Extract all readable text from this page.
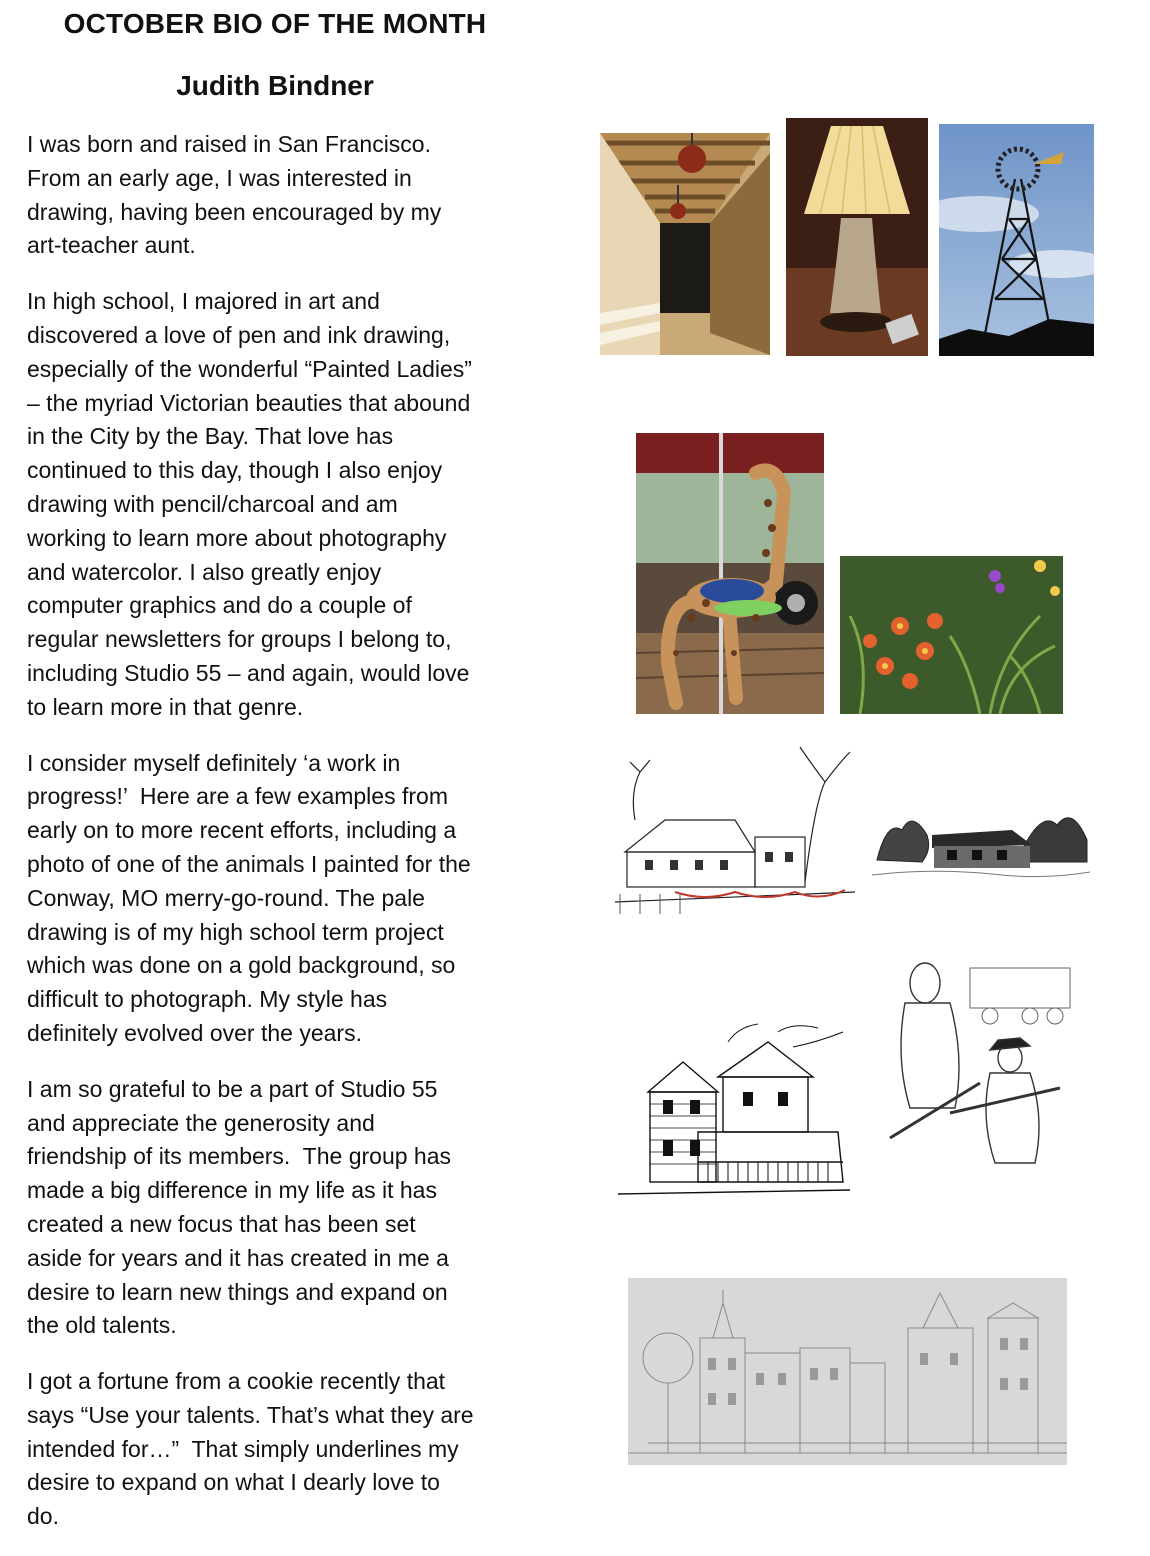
OCTOBER BIO OF THE MONTH
Judith Bindner

I was born and raised in San Francisco.
From an early age, I was interested in
drawing, having been encouraged by my
art-teacher aunt.

In high school, I majored in art and
discovered a love of pen and ink drawing,
especially of the wonderful “Painted Ladies”
– the myriad Victorian beauties that abound
in the City by the Bay. That love has
continued to this day, though I also enjoy
drawing with pencil/charcoal and am
working to learn more about photography
and watercolor. I also greatly enjoy
computer graphics and do a couple of
regular newsletters for groups I belong to,
including Studio 55 – and again, would love
to learn more in that genre.

I consider myself definitely ‘a work in
progress!’  Here are a few examples from
early on to more recent efforts, including a
photo of one of the animals I painted for the
Conway, MO merry-go-round. The pale
drawing is of my high school term project
which was done on a gold background, so
difficult to photograph. My style has
definitely evolved over the years.

I am so grateful to be a part of Studio 55
and appreciate the generosity and
friendship of its members.  The group has
made a big difference in my life as it has
created a new focus that has been set
aside for years and it has created in me a
desire to learn new things and expand on
the old talents.

I got a fortune from a cookie recently that
says “Use your talents. That’s what they are
intended for…”  That simply underlines my
desire to expand on what I dearly love to
do.
